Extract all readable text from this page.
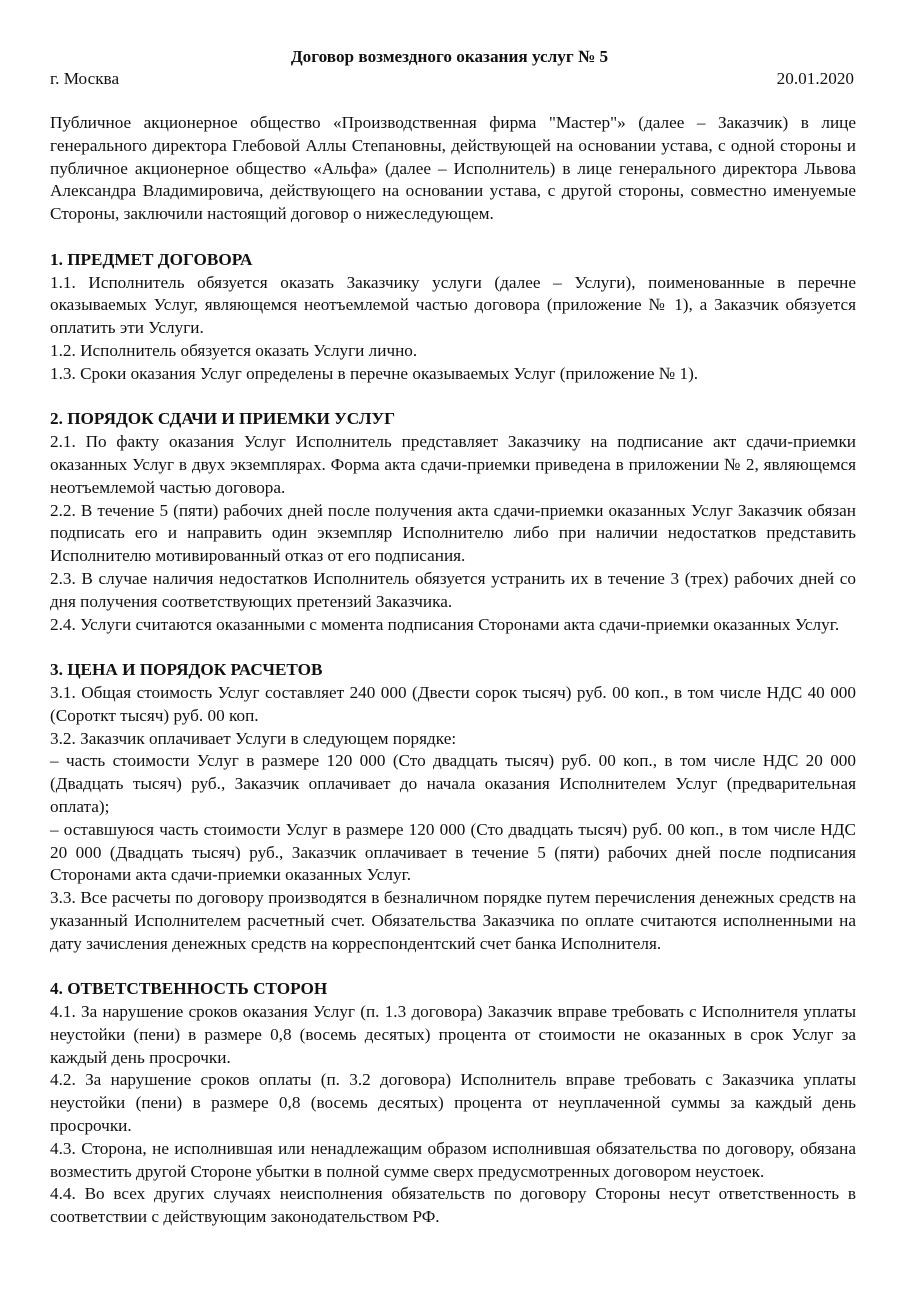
Договор возмездного оказания услуг № 5
г. Москва	20.01.2020

Публичное акционерное общество «Производственная фирма "Мастер"» (далее – Заказчик) в лице генерального директора Глебовой Аллы Степановны, действующей на основании устава, с одной стороны и публичное акционерное общество «Альфа» (далее – Исполнитель) в лице генерального директора Львова Александра Владимировича, действующего на основании устава, с другой стороны, совместно именуемые Стороны, заключили настоящий договор о нижеследующем.

1. ПРЕДМЕТ ДОГОВОРА

1.1. Исполнитель обязуется оказать Заказчику услуги (далее – Услуги), поименованные в перечне оказываемых Услуг, являющемся неотъемлемой частью договора (приложение № 1), а Заказчик обязуется оплатить эти Услуги.

1.2. Исполнитель обязуется оказать Услуги лично.

1.3. Сроки оказания Услуг определены в перечне оказываемых Услуг (приложение № 1).

2. ПОРЯДОК СДАЧИ И ПРИЕМКИ УСЛУГ

2.1. По факту оказания Услуг Исполнитель представляет Заказчику на подписание акт сдачи-приемки оказанных Услуг в двух экземплярах. Форма акта сдачи-приемки приведена в приложении № 2, являющемся неотъемлемой частью договора.

2.2. В течение 5 (пяти) рабочих дней после получения акта сдачи-приемки оказанных Услуг Заказчик обязан подписать его и направить один экземпляр Исполнителю либо при наличии недостатков представить Исполнителю мотивированный отказ от его подписания.

2.3. В случае наличия недостатков Исполнитель обязуется устранить их в течение 3 (трех) рабочих дней со дня получения соответствующих претензий Заказчика.

2.4. Услуги считаются оказанными с момента подписания Сторонами акта сдачи-приемки оказанных Услуг.

3. ЦЕНА И ПОРЯДОК РАСЧЕТОВ

3.1. Общая стоимость Услуг составляет 240 000 (Двести сорок тысяч) руб. 00 коп., в том числе НДС 40 000 (Сороткт тысяч) руб. 00 коп.

3.2. Заказчик оплачивает Услуги в следующем порядке:

– часть стоимости Услуг в размере 120 000 (Сто двадцать тысяч) руб. 00 коп., в том числе НДС 20 000 (Двадцать тысяч) руб., Заказчик оплачивает до начала оказания Исполнителем Услуг (предварительная оплата);

– оставшуюся часть стоимости Услуг в размере 120 000 (Сто двадцать тысяч) руб. 00 коп., в том числе НДС 20 000 (Двадцать тысяч) руб., Заказчик оплачивает в течение 5 (пяти) рабочих дней после подписания Сторонами акта сдачи-приемки оказанных Услуг.

3.3. Все расчеты по договору производятся в безналичном порядке путем перечисления денежных средств на указанный Исполнителем расчетный счет. Обязательства Заказчика по оплате считаются исполненными на дату зачисления денежных средств на корреспондентский счет банка Исполнителя.

4. ОТВЕТСТВЕННОСТЬ СТОРОН

4.1. За нарушение сроков оказания Услуг (п. 1.3 договора) Заказчик вправе требовать с Исполнителя уплаты неустойки (пени) в размере 0,8 (восемь десятых) процента от стоимости не оказанных в срок Услуг за каждый день просрочки.

4.2. За нарушение сроков оплаты (п. 3.2 договора) Исполнитель вправе требовать с Заказчика уплаты неустойки (пени) в размере 0,8 (восемь десятых) процента от неуплаченной суммы за каждый день просрочки.

4.3. Сторона, не исполнившая или ненадлежащим образом исполнившая обязательства по договору, обязана возместить другой Стороне убытки в полной сумме сверх предусмотренных договором неустоек.

4.4. Во всех других случаях неисполнения обязательств по договору Стороны несут ответственность в соответствии с действующим законодательством РФ.
